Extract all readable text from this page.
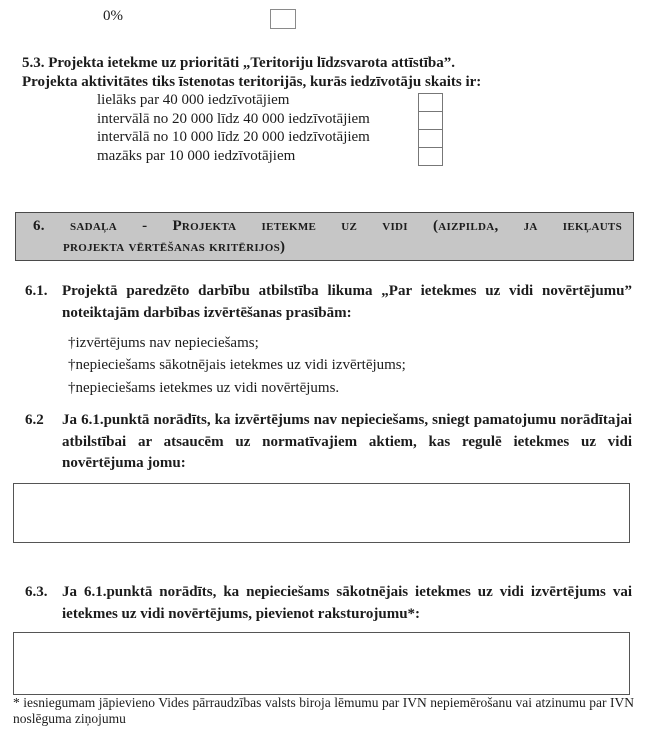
0%
5.3. Projekta ietekme uz prioritāti „Teritoriju līdzsvarota attīstība”.
Projekta aktivitātes tiks īstenotas teritorijās, kurās iedzīvotāju skaits ir:
lielāks par 40 000 iedzīvotājiem
intervālā no 20 000 līdz 40 000 iedzīvotājiem
intervālā no 10 000 līdz 20 000 iedzīvotājiem
mazāks par 10 000 iedzīvotājiem
6. sadaļa - Projekta ietekme uz vidi (aizpilda, ja iekļauts
projekta vērtēšanas kritērijos)
6.1. Projektā paredzēto darbību atbilstība likuma „Par ietekmes uz vidi novērtējumu” noteiktajām darbības izvērtēšanas prasībām:
†izvērtējums nav nepieciešams;
†nepieciešams sākotnējais ietekmes uz vidi izvērtējums;
†nepieciešams ietekmes uz vidi novērtējums.
6.2	Ja 6.1.punktā norādīts, ka izvērtējums nav nepieciešams, sniegt pamatojumu norādītajai atbilstībai ar atsaucēm uz normatīvajiem aktiem, kas regulē ietekmes uz vidi novērtējuma jomu:
6.3. Ja 6.1.punktā norādīts, ka nepieciešams sākotnējais ietekmes uz vidi izvērtējums vai ietekmes uz vidi novērtējums, pievienot raksturojumu*:
* iesniegumam jāpievieno Vides pārraudzības valsts biroja lēmumu par IVN nepiemērošanu vai atzinumu par IVN noslēguma ziņojumu
